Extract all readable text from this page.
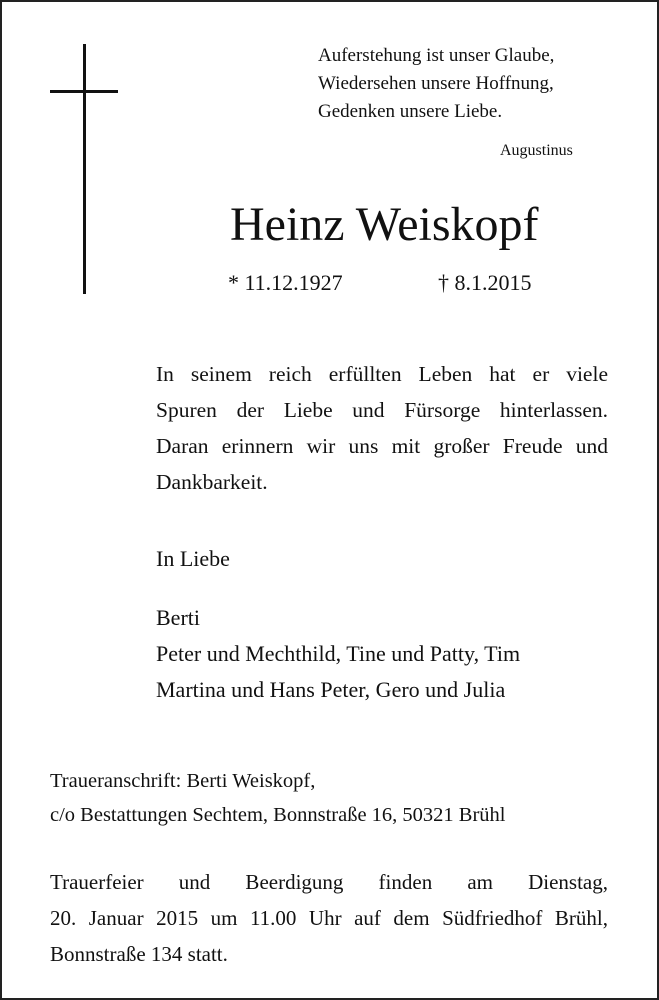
Auferstehung ist unser Glaube,
Wiedersehen unsere Hoffnung,
Gedenken unsere Liebe.
Augustinus
Heinz Weiskopf
* 11.12.1927	† 8.1.2015
In seinem reich erfüllten Leben hat er viele
Spuren der Liebe und Fürsorge hinterlassen.
Daran erinnern wir uns mit großer Freude und
Dankbarkeit.
In Liebe
Berti
Peter und Mechthild, Tine und Patty, Tim
Martina und Hans Peter, Gero und Julia
Traueranschrift: Berti Weiskopf,
c/o Bestattungen Sechtem, Bonnstraße 16, 50321 Brühl
Trauerfeier und Beerdigung finden am Dienstag,
20. Januar 2015 um 11.00 Uhr auf dem Südfriedhof Brühl,
Bonnstraße 134 statt.
